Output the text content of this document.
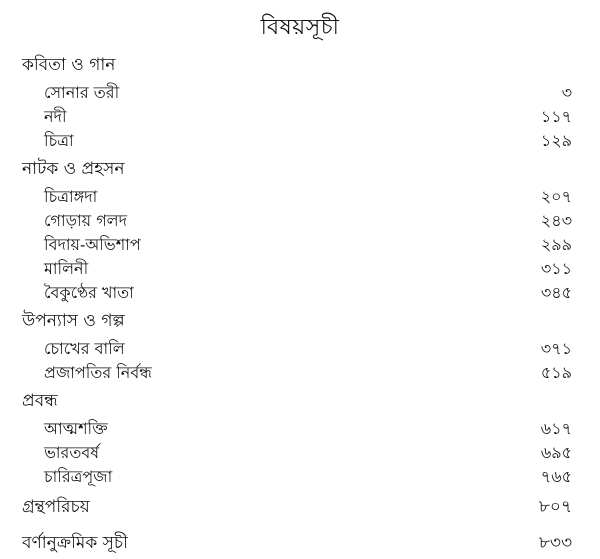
বিষয়সূচী
কবিতা ও গান
সোনার তরী	৩
নদী	১১৭
চিত্রা	১২৯
নাটক ও প্রহসন
চিত্রাঙ্গদা	২০৭
গোড়ায় গলদ	২৪৩
বিদায়-অভিশাপ	২৯৯
মালিনী	৩১১
বৈকুণ্ঠের খাতা	৩৪৫
উপন্যাস ও গল্প
চোখের বালি	৩৭১
প্রজাপতির নির্বন্ধ	৫১৯
প্রবন্ধ
আত্মশক্তি	৬১৭
ভারতবর্ষ	৬৯৫
চারিত্রপূজা	৭৬৫
গ্রন্থপরিচয়	৮০৭
বর্ণানুক্রমিক সূচী	৮৩৩
